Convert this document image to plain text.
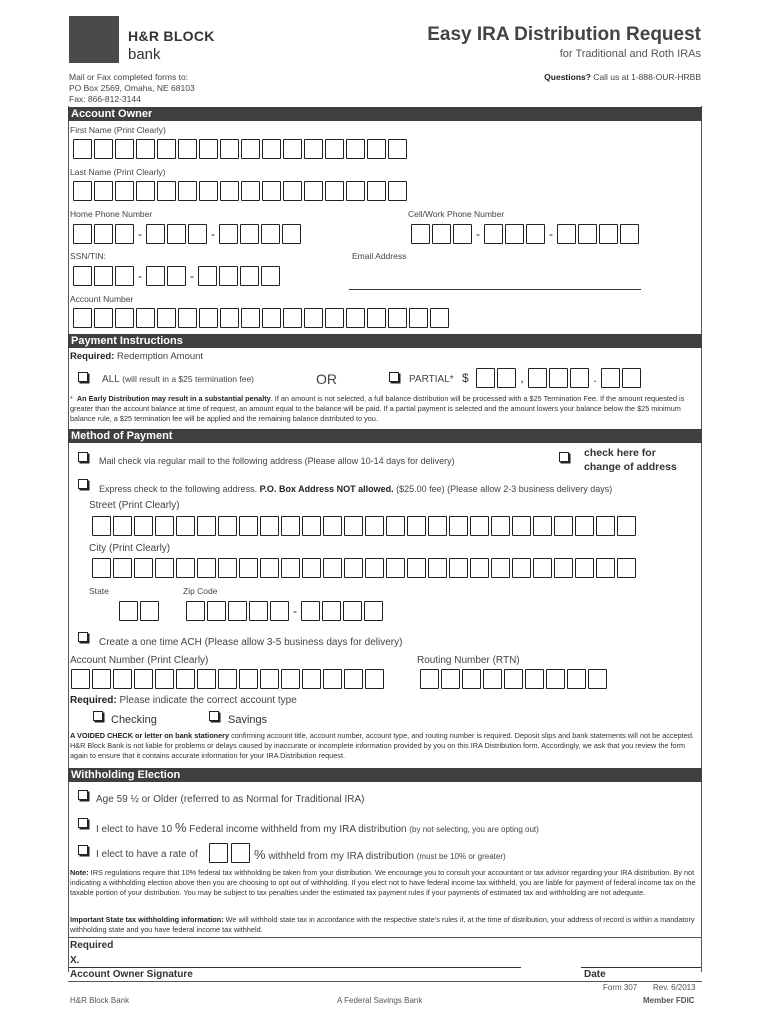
H&R BLOCK
bank
Easy IRA Distribution Request
for Traditional and Roth IRAs
Mail or Fax completed forms to:
PO Box 2569, Omaha, NE 68103
Fax: 866-812-3144
Questions? Call us at 1-888-OUR-HRBB
Account Owner
First Name (Print Clearly)
Last Name (Print Clearly)
Home Phone Number	Cell/Work Phone Number
-	-	-	-
SSN/TIN:	Email Address
-	-
Account Number
Payment Instructions
Required: Redemption Amount
ALL (will result in a $25 termination fee)	OR	PARTIAL* $	,	.
* An Early Distribution may result in a substantial penalty. If an amount is not selected, a full balance distribution will be processed with a $25 Termination Fee. If the amount requested is greater than the account balance at time of request, an amount equal to the balance will be paid. If a partial payment is selected and the amount lowers your balance below the $25 minimum balance rule, a $25 termination fee will be applied and the remaining balance distributed to you.
Method of Payment
Mail check via regular mail to the following address (Please allow 10-14 days for delivery)
check here for
change of address
Express check to the following address. P.O. Box Address NOT allowed. ($25.00 fee) (Please allow 2-3 business delivery days)
Street (Print Clearly)
City (Print Clearly)
State	Zip Code
-
Create a one time ACH (Please allow 3-5 business days for delivery)
Account Number (Print Clearly)	Routing Number (RTN)
Required: Please indicate the correct account type
Checking	Savings
A VOIDED CHECK or letter on bank stationery confirming account title, account number, account type, and routing number is required. Deposit slips and bank statements will not be accepted. H&R Block Bank is not liable for problems or delays caused by inaccurate or incomplete information provided by you on this IRA Distribution form. Accordingly, we ask that you review the form again to ensure that it contains accurate information for your IRA Distribution request.
Withholding Election
Age 59 ½ or Older (referred to as Normal for Traditional IRA)
I elect to have 10 % Federal income withheld from my IRA distribution (by not selecting, you are opting out)
I elect to have a rate of	% withheld from my IRA distribution (must be 10% or greater)
Note: IRS regulations require that 10% federal tax withholding be taken from your distribution. We encourage you to consult your accountant or tax advisor regarding your IRA distribution. By not indicating a withholding election above then you are choosing to opt out of withholding. If you elect not to have federal income tax withheld, you are liable for payment of federal income tax on the taxable portion of your distribution. You may be subject to tax penalties under the estimated tax payment rules if your payments of estimated tax and withholding are not adequate.
Important State tax withholding information: We will withhold state tax in accordance with the respective state's rules if, at the time of distribution, your address of record is within a mandatory withholding state and you have federal income tax withheld.
Required
X.
Account Owner Signature	Date
Form 307 Rev. 6/2013
H&R Block Bank	A Federal Savings Bank	Member FDIC
